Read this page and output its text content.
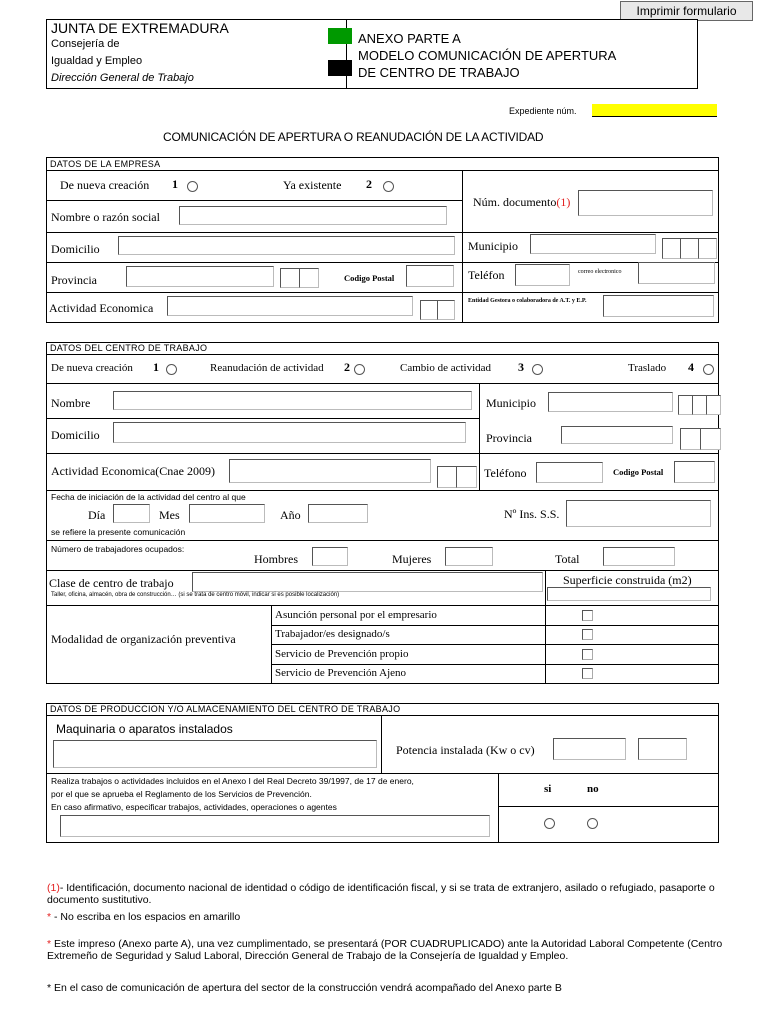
Imprimir formulario
JUNTA DE EXTREMADURA
Consejería de
Igualdad y Empleo
Dirección General de Trabajo
ANEXO PARTE A
MODELO COMUNICACIÓN DE APERTURA
DE CENTRO DE TRABAJO
Expediente núm.
COMUNICACIÓN DE APERTURA O REANUDACIÓN DE LA ACTIVIDAD
DATOS DE LA EMPRESA
De nueva creación 1	Ya existente 2
Núm. documento(1)
Nombre o razón social
Domicilio	Municipio
Provincia	Codigo Postal	Teléfon	correo electronico
Actividad Economica	Entidad Gestora o colaboradora de A.T. y E.P.
DATOS DEL CENTRO DE TRABAJO
De nueva creación 1	Reanudación de actividad 2	Cambio de actividad 3	Traslado 4
Nombre	Municipio
Domicilio	Provincia
Actividad Economica(Cnae 2009)	Teléfono	Codigo Postal
Fecha de iniciación de la actividad del centro al que
Día	Mes	Año
se refiere la presente comunicación
Nº Ins. S.S.
Número de trabajadores ocupados:
Hombres	Mujeres	Total
Clase de centro de trabajo
Taller, oficina, almacén, obra de construcción… (si se trata de centro móvil, indicar si es posible localización)
Superficie construida (m2)
Modalidad de organización preventiva
Asunción personal por el empresario
Trabajador/es designado/s
Servicio de Prevención propio
Servicio de Prevención Ajeno
DATOS DE PRODUCCION Y/O ALMACENAMIENTO DEL CENTRO DE TRABAJO
Maquinaria o aparatos instalados
Potencia instalada (Kw o cv)
Realiza trabajos o actividades incluidos en el Anexo I del Real Decreto 39/1997, de 17 de enero,
por el que se aprueba el Reglamento de los Servicios de Prevención.
En caso afirmativo, especificar trabajos, actividades, operaciones o agentes
si	no
(1)- Identificación, documento nacional de identidad o código de identificación fiscal, y si se trata de extranjero, asilado o refugiado, pasaporte o documento sustitutivo.
* - No escriba en los espacios en amarillo
* Este impreso (Anexo parte A), una vez cumplimentado, se presentará (POR CUADRUPLICADO) ante la Autoridad Laboral Competente (Centro Extremeño de Seguridad y Salud Laboral, Dirección General de Trabajo de la Consejería de Igualdad y Empleo.
* En el caso de comunicación de apertura del sector de la construcción vendrá acompañado del Anexo parte B
